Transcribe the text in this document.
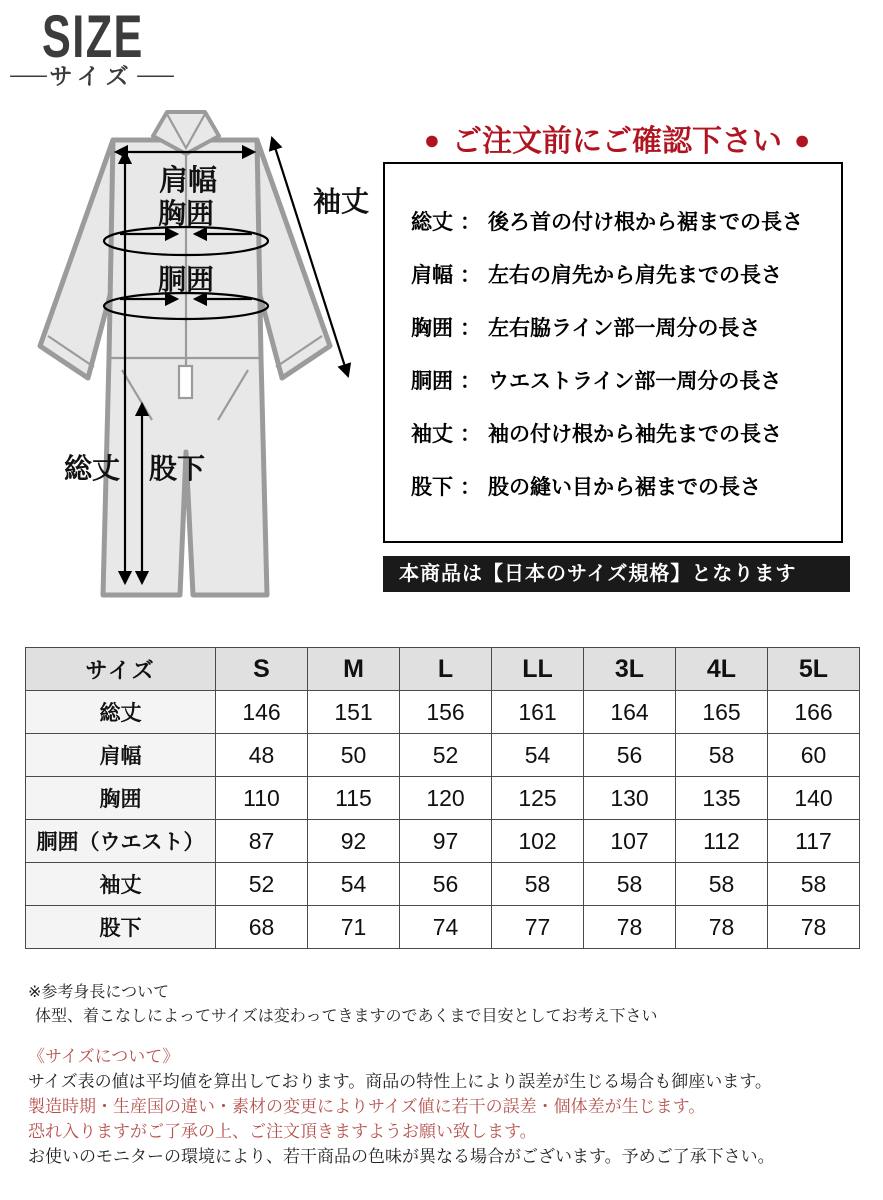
SIZE
― サイズ ―
肩幅
袖丈
胸囲
胴囲
総丈 股下
● ご注文前にご確認下さい ●
総丈 ： 後ろ首の付け根から裾までの長さ
肩幅 ： 左右の肩先から肩先までの長さ
胸囲 ： 左右脇ライン部一周分の長さ
胴囲 ： ウエストライン部一周分の長さ
袖丈 ： 袖の付け根から袖先までの長さ
股下 ： 股の縫い目から裾までの長さ
本商品は【日本のサイズ規格】となります
サイズ	S	M	L	LL	3L	4L	5L
総丈	146	151	156	161	164	165	166
肩幅	48	50	52	54	56	58	60
胸囲	110	115	120	125	130	135	140
胴囲（ウエスト）	87	92	97	102	107	112	117
袖丈	52	54	56	58	58	58	58
股下	68	71	74	77	78	78	78
※参考身長について
体型、着こなしによってサイズは変わってきますのであくまで目安としてお考え下さい
《サイズについて》
サイズ表の値は平均値を算出しております。商品の特性上により誤差が生じる場合も御座います。
製造時期・生産国の違い・素材の変更によりサイズ値に若干の誤差・個体差が生じます。
恐れ入りますがご了承の上、ご注文頂きますようお願い致します。
お使いのモニターの環境により、若干商品の色味が異なる場合がございます。予めご了承下さい。
